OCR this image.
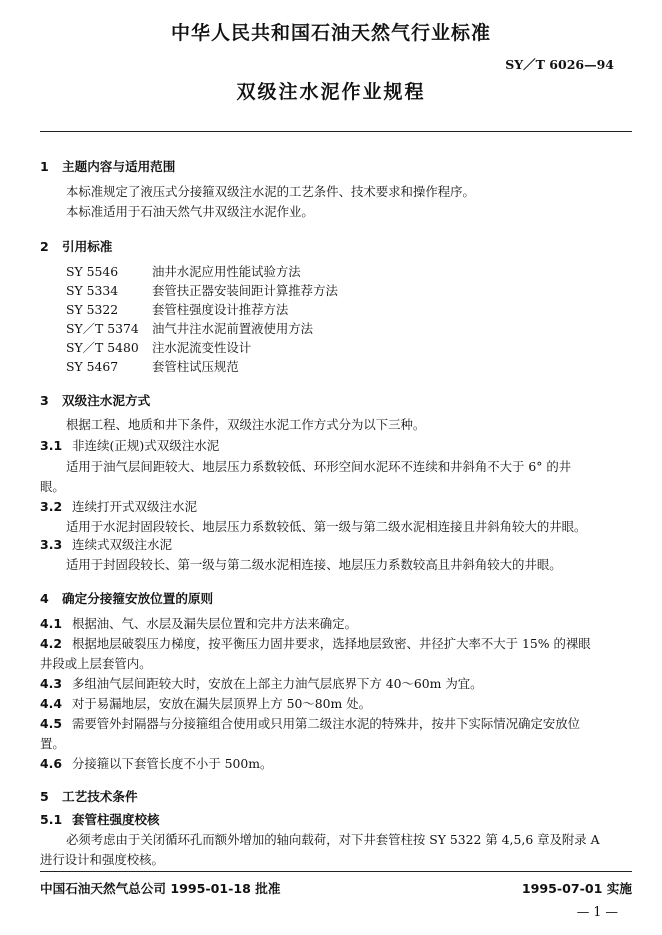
中华人民共和国石油天然气行业标准
SY／T 6026—94
双级注水泥作业规程
1 主题内容与适用范围
本标准规定了液压式分接箍双级注水泥的工艺条件、技术要求和操作程序。
本标准适用于石油天然气井双级注水泥作业。
2 引用标准
SY 5546	油井水泥应用性能试验方法
SY 5334	套管扶正器安装间距计算推荐方法
SY 5322	套管柱强度设计推荐方法
SY／T 5374 油气井注水泥前置液使用方法
SY／T 5480 注水泥流变性设计
SY 5467	套管柱试压规范
3 双级注水泥方式
根据工程、地质和井下条件，双级注水泥工作方式分为以下三种。
3.1 非连续(正规)式双级注水泥
适用于油气层间距较大、地层压力系数较低、环形空间水泥环不连续和井斜角不大于 6° 的井
眼。
3.2 连续打开式双级注水泥
适用于水泥封固段较长、地层压力系数较低、第一级与第二级水泥相连接且井斜角较大的井眼。
3.3 连续式双级注水泥
适用于封固段较长、第一级与第二级水泥相连接、地层压力系数较高且井斜角较大的井眼。
4 确定分接箍安放位置的原则
4.1 根据油、气、水层及漏失层位置和完井方法来确定。
4.2 根据地层破裂压力梯度，按平衡压力固井要求，选择地层致密、井径扩大率不大于 15% 的裸眼
井段或上层套管内。
4.3 多组油气层间距较大时，安放在上部主力油气层底界下方 40～60m 为宜。
4.4 对于易漏地层，安放在漏失层顶界上方 50～80m 处。
4.5 需要管外封隔器与分接箍组合使用或只用第二级注水泥的特殊井，按井下实际情况确定安放位
置。
4.6 分接箍以下套管长度不小于 500m。
5 工艺技术条件
5.1 套管柱强度校核
必须考虑由于关闭循环孔而额外增加的轴向载荷，对下井套管柱按 SY 5322 第 4,5,6 章及附录 A
进行设计和强度校核。
中国石油天然气总公司 1995-01-18 批准	1995-07-01 实施
— 1 —
